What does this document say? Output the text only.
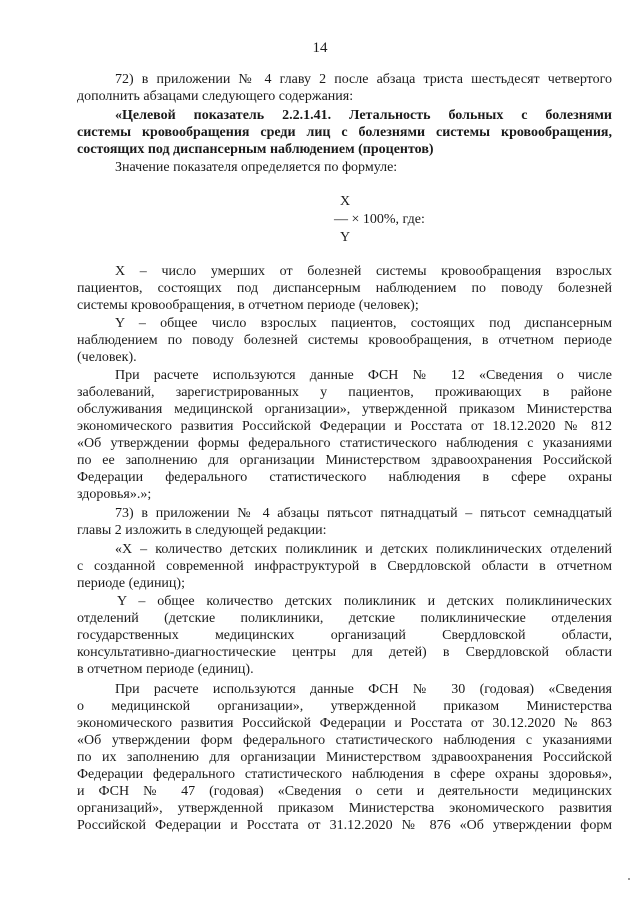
14

72) в приложении № 4 главу 2 после абзаца триста шестьдесят четвертого

дополнить абзацами следующего содержания:

«Целевой показатель 2.2.1.41. Летальность больных с болезнями

системы кровообращения среди лиц с болезнями системы кровообращения,

состоящих под диспансерным наблюдением (процентов)

Значение показателя определяется по формуле:

X
— × 100%, где:
Y

X – число умерших от болезней системы кровообращения взрослых

пациентов, состоящих под диспансерным наблюдением по поводу болезней

системы кровообращения, в отчетном периоде (человек);

Y – общее число взрослых пациентов, состоящих под диспансерным

наблюдением по поводу болезней системы кровообращения, в отчетном периоде

(человек).

При расчете используются данные ФСН № 12 «Сведения о числе

заболеваний, зарегистрированных у пациентов, проживающих в районе

обслуживания медицинской организации», утвержденной приказом Министерства

экономического развития Российской Федерации и Росстата от 18.12.2020 № 812

«Об утверждении формы федерального статистического наблюдения с указаниями

по ее заполнению для организации Министерством здравоохранения Российской

Федерации федерального статистического наблюдения в сфере охраны

здоровья».»;

73) в приложении № 4 абзацы пятьсот пятнадцатый – пятьсот семнадцатый

главы 2 изложить в следующей редакции:

«X – количество детских поликлиник и детских поликлинических отделений

с созданной современной инфраструктурой в Свердловской области в отчетном

периоде (единиц);

Y – общее количество детских поликлиник и детских поликлинических

отделений (детские поликлиники, детские поликлинические отделения

государственных медицинских организаций Свердловской области,

консультативно-диагностические центры для детей) в Свердловской области

в отчетном периоде (единиц).

При расчете используются данные ФСН № 30 (годовая) «Сведения

о медицинской организации», утвержденной приказом Министерства

экономического развития Российской Федерации и Росстата от 30.12.2020 № 863

«Об утверждении форм федерального статистического наблюдения с указаниями

по их заполнению для организации Министерством здравоохранения Российской

Федерации федерального статистического наблюдения в сфере охраны здоровья»,

и ФСН № 47 (годовая) «Сведения о сети и деятельности медицинских

организаций», утвержденной приказом Министерства экономического развития

Российской Федерации и Росстата от 31.12.2020 № 876 «Об утверждении форм
